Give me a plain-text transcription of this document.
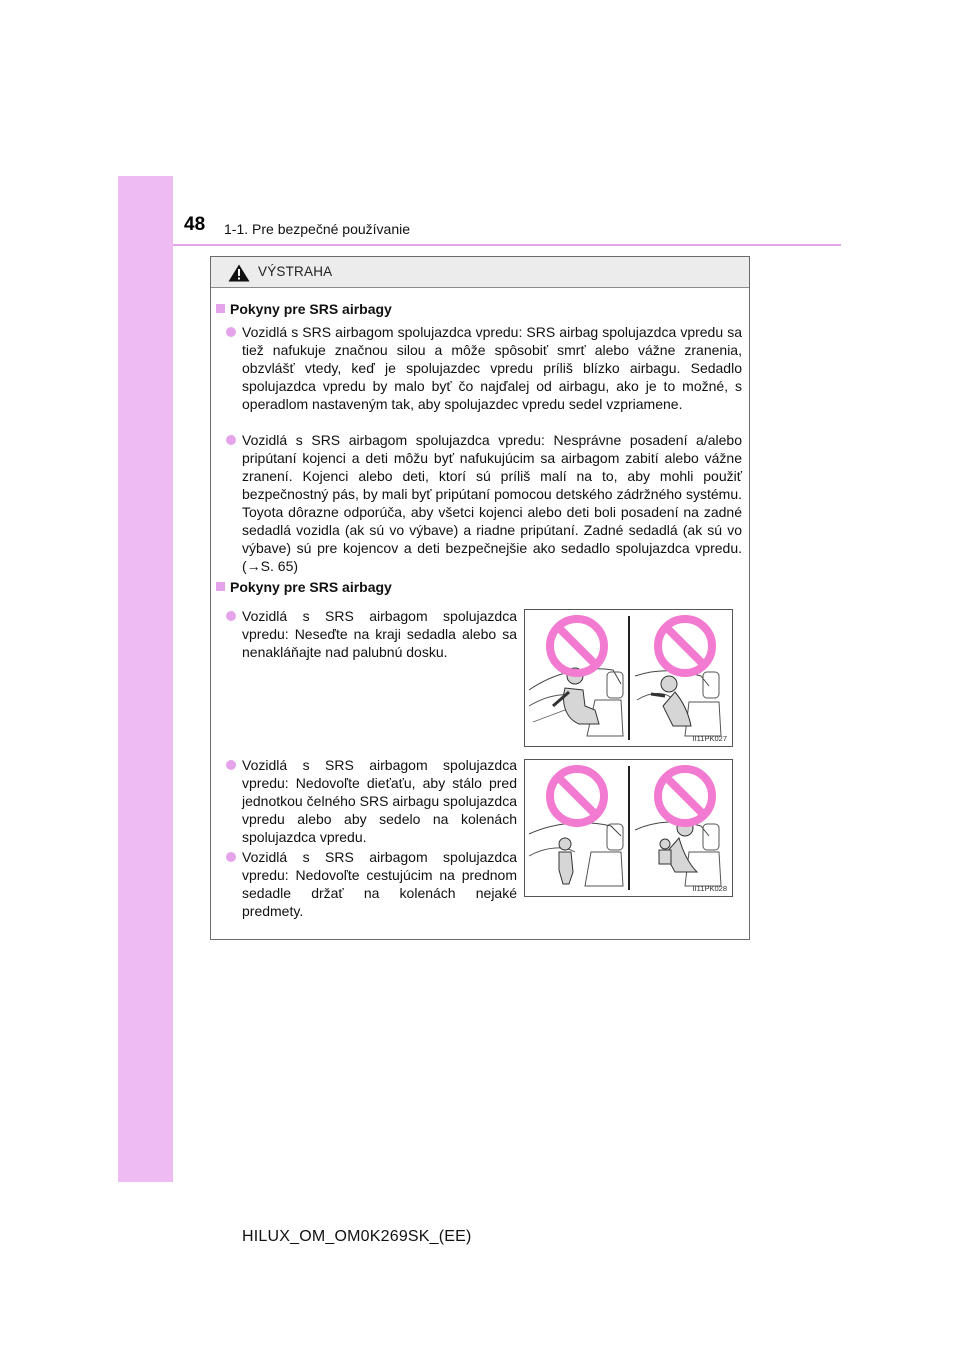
48 1-1. Pre bezpečné používanie
VÝSTRAHA
Pokyny pre SRS airbagy
Vozidlá s SRS airbagom spolujazdca vpredu: SRS airbag spolujazdca vpredu sa tiež nafukuje značnou silou a môže spôsobiť smrť alebo vážne zranenia, obzvlášť vtedy, keď je spolujazdec vpredu príliš blízko airbagu. Sedadlo spolujazdca vpredu by malo byť čo najďalej od airbagu, ako je to možné, s operadlom nastaveným tak, aby spolujazdec vpredu sedel vzpriamene.
Vozidlá s SRS airbagom spolujazdca vpredu: Nesprávne posadení a/alebo pripútaní kojenci a deti môžu byť nafukujúcim sa airbagom zabití alebo vážne zranení. Kojenci alebo deti, ktorí sú príliš malí na to, aby mohli použiť bezpečnostný pás, by mali byť pripútaní pomocou detského zádržného systému. Toyota dôrazne odporúča, aby všetci kojenci alebo deti boli posadení na zadné sedadlá vozidla (ak sú vo výbave) a riadne pripútaní. Zadné sedadlá (ak sú vo výbave) sú pre kojencov a deti bezpečnejšie ako sedadlo spolujazdca vpredu. (→S. 65)
Pokyny pre SRS airbagy
Vozidlá s SRS airbagom spolujazdca vpredu: Neseďte na kraji sedadla alebo sa nenakláňajte nad palubnú dosku.
Vozidlá s SRS airbagom spolujazdca vpredu: Nedovoľte dieťaťu, aby stálo pred jednotkou čelného SRS airbagu spolujazdca vpredu alebo aby sedelo na kolenách spolujazdca vpredu.
Vozidlá s SRS airbagom spolujazdca vpredu: Nedovoľte cestujúcim na prednom sedadle držať na kolenách nejaké predmety.
II11PK027
II11PK028
HILUX_OM_OM0K269SK_(EE)
